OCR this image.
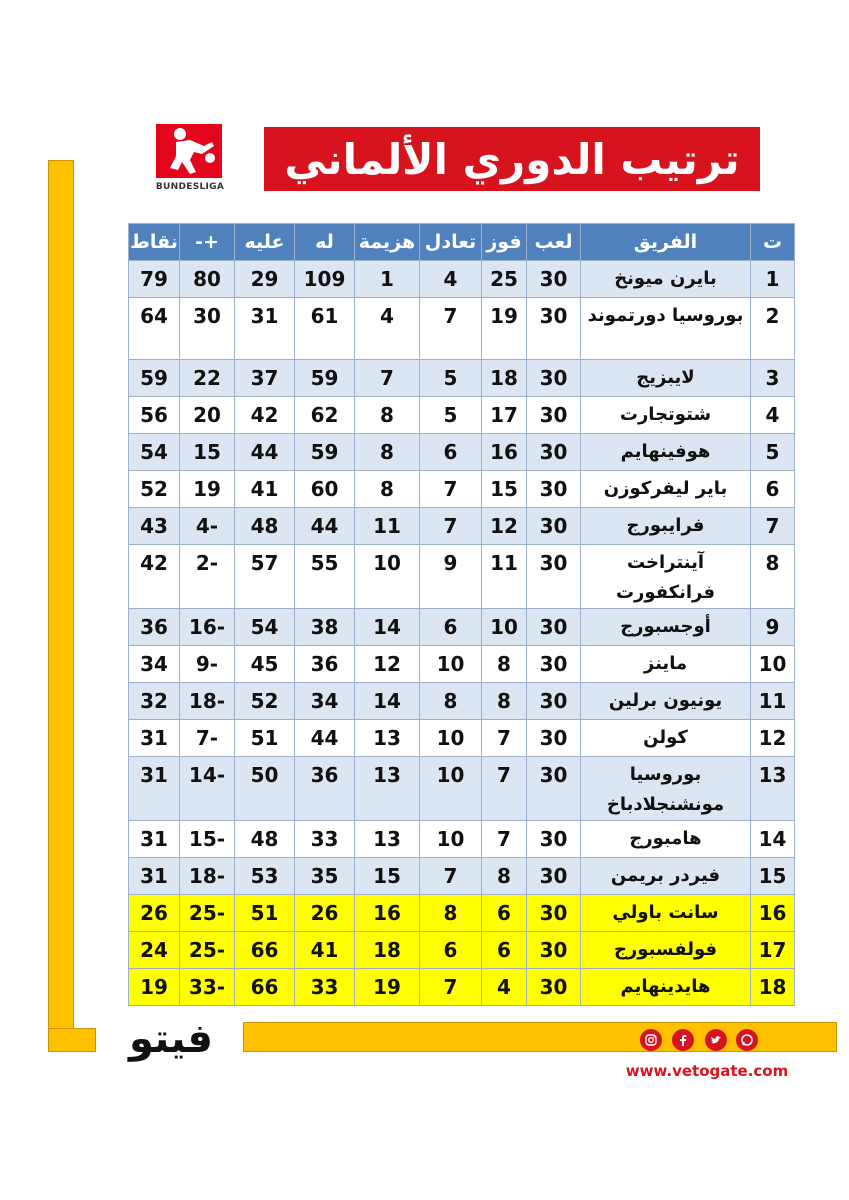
BUNDESLIGA
ترتيب الدوري الألماني
ت	الفريق	لعب	فوز	تعادل	هزيمة	له	عليه	+-	نقاط
1	بايرن ميونخ	30	25	4	1	109	29	80	79
2	بوروسيا دورتموند	30	19	7	4	61	31	30	64
3	لايبزيج	30	18	5	7	59	37	22	59
4	شتوتجارت	30	17	5	8	62	42	20	56
5	هوفينهايم	30	16	6	8	59	44	15	54
6	باير ليفركوزن	30	15	7	8	60	41	19	52
7	فرايبورج	30	12	7	11	44	48	-4	43
8	آينتراخت فرانكفورت	30	11	9	10	55	57	-2	42
9	أوجسبورج	30	10	6	14	38	54	-16	36
10	ماينز	30	8	10	12	36	45	-9	34
11	يونيون برلين	30	8	8	14	34	52	-18	32
12	كولن	30	7	10	13	44	51	-7	31
13	بوروسيا مونشنجلادباخ	30	7	10	13	36	50	-14	31
14	هامبورج	30	7	10	13	33	48	-15	31
15	فيردر بريمن	30	8	7	15	35	53	-18	31
16	سانت باولي	30	6	8	16	26	51	-25	26
17	فولفسبورج	30	6	6	18	41	66	-25	24
18	هايدينهايم	30	4	7	19	33	66	-33	19
فيتو
www.vetogate.com
